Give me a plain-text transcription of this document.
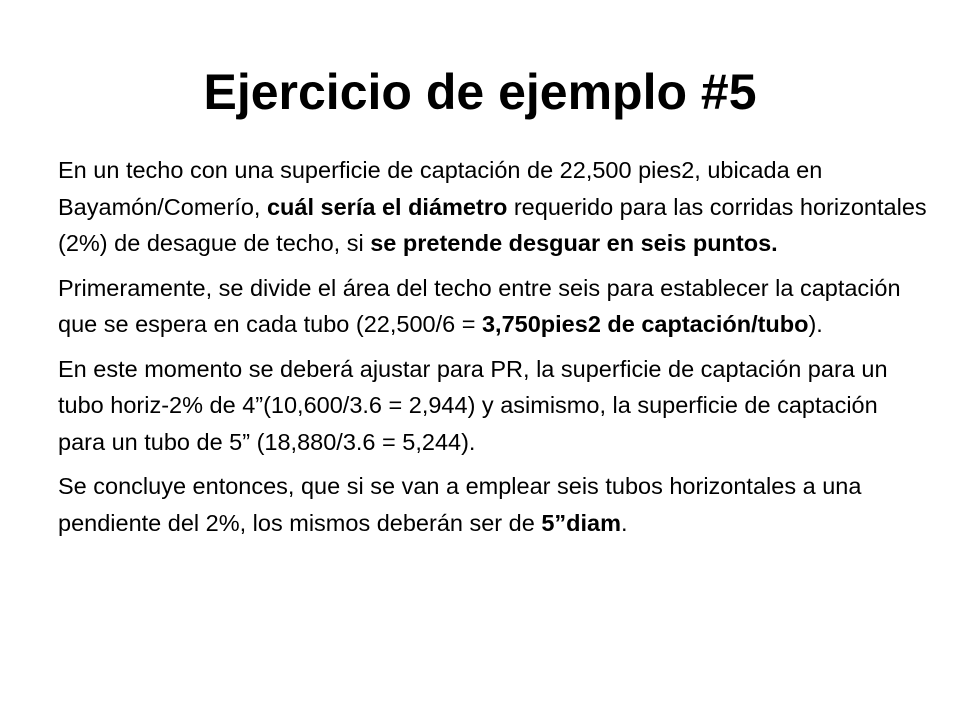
Ejercicio de ejemplo #5

En un techo con una superficie de captación de 22,500 pies2, ubicada en Bayamón/Comerío, cuál sería el diámetro requerido para las corridas horizontales (2%) de desague de techo, si se pretende desguar en seis puntos.

Primeramente, se divide el área del techo entre seis para establecer la captación que se espera en cada tubo (22,500/6 = 3,750pies2 de captación/tubo).

En este momento se deberá ajustar para PR, la superficie de captación para un tubo horiz-2% de 4”(10,600/3.6 = 2,944) y asimismo, la superficie de captación para un tubo de 5” (18,880/3.6 = 5,244).

Se concluye entonces, que si se van a emplear seis tubos horizontales a una pendiente del 2%, los mismos deberán ser de 5”diam.
